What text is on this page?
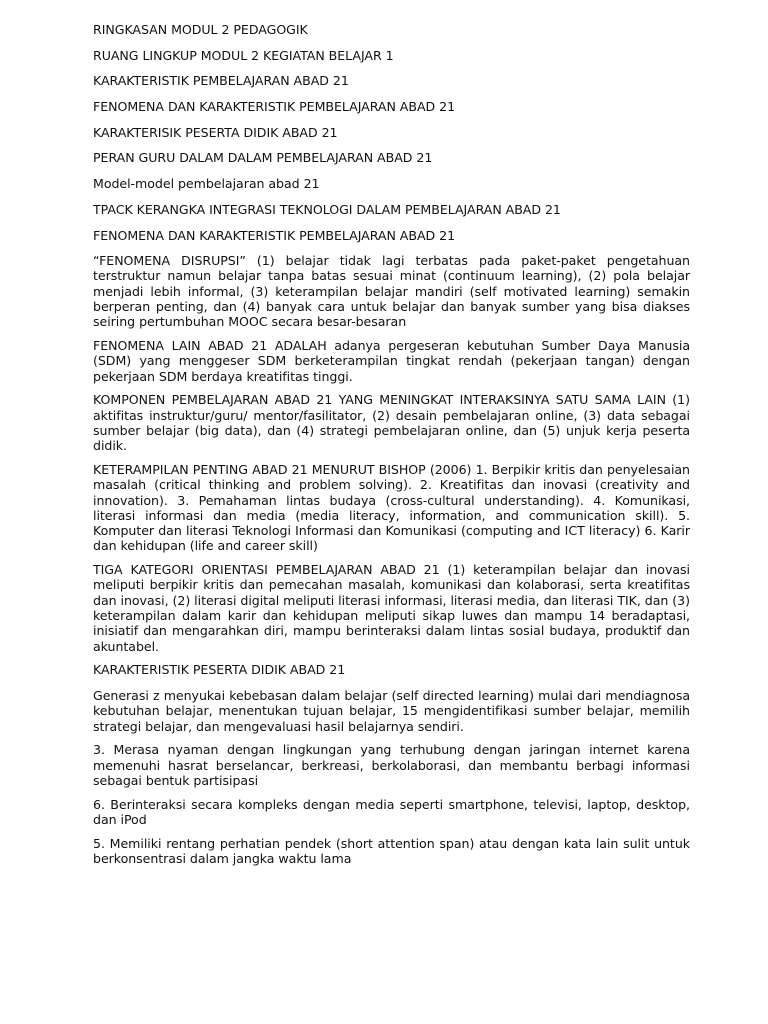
RINGKASAN MODUL 2 PEDAGOGIK

RUANG LINGKUP MODUL 2 KEGIATAN BELAJAR 1

KARAKTERISTIK PEMBELAJARAN ABAD 21

FENOMENA DAN KARAKTERISTIK PEMBELAJARAN ABAD 21

KARAKTERISIK PESERTA DIDIK ABAD 21

PERAN GURU DALAM DALAM PEMBELAJARAN ABAD 21

Model-model pembelajaran abad 21

TPACK KERANGKA INTEGRASI TEKNOLOGI DALAM PEMBELAJARAN ABAD 21

FENOMENA DAN KARAKTERISTIK PEMBELAJARAN ABAD 21

“FENOMENA DISRUPSI” (1) belajar tidak lagi terbatas pada paket-paket pengetahuan terstruktur namun belajar tanpa batas sesuai minat (continuum learning), (2) pola belajar menjadi lebih informal, (3) keterampilan belajar mandiri (self motivated learning) semakin berperan penting, dan (4) banyak cara untuk belajar dan banyak sumber yang bisa diakses seiring pertumbuhan MOOC secara besar-besaran

FENOMENA LAIN ABAD 21 ADALAH adanya pergeseran kebutuhan Sumber Daya Manusia (SDM) yang menggeser SDM berketerampilan tingkat rendah (pekerjaan tangan) dengan pekerjaan SDM berdaya kreatifitas tinggi.

KOMPONEN PEMBELAJARAN ABAD 21 YANG MENINGKAT INTERAKSINYA SATU SAMA LAIN (1) aktifitas instruktur/guru/ mentor/fasilitator, (2) desain pembelajaran online, (3) data sebagai sumber belajar (big data), dan (4) strategi pembelajaran online, dan (5) unjuk kerja peserta didik.

KETERAMPILAN PENTING ABAD 21 MENURUT BISHOP (2006) 1. Berpikir kritis dan penyelesaian masalah (critical thinking and problem solving). 2. Kreatifitas dan inovasi (creativity and innovation). 3. Pemahaman lintas budaya (cross-cultural understanding). 4. Komunikasi, literasi informasi dan media (media literacy, information, and communication skill). 5. Komputer dan literasi Teknologi Informasi dan Komunikasi (computing and ICT literacy) 6. Karir dan kehidupan (life and career skill)

TIGA KATEGORI ORIENTASI PEMBELAJARAN ABAD 21 (1) keterampilan belajar dan inovasi meliputi berpikir kritis dan pemecahan masalah, komunikasi dan kolaborasi, serta kreatifitas dan inovasi, (2) literasi digital meliputi literasi informasi, literasi media, dan literasi TIK, dan (3) keterampilan dalam karir dan kehidupan meliputi sikap luwes dan mampu 14 beradaptasi, inisiatif dan mengarahkan diri, mampu berinteraksi dalam lintas sosial budaya, produktif dan akuntabel.

KARAKTERISTIK PESERTA DIDIK ABAD 21

Generasi z menyukai kebebasan dalam belajar (self directed learning) mulai dari mendiagnosa kebutuhan belajar, menentukan tujuan belajar, 15 mengidentifikasi sumber belajar, memilih strategi belajar, dan mengevaluasi hasil belajarnya sendiri.

3. Merasa nyaman dengan lingkungan yang terhubung dengan jaringan internet karena memenuhi hasrat berselancar, berkreasi, berkolaborasi, dan membantu berbagi informasi sebagai bentuk partisipasi

6. Berinteraksi secara kompleks dengan media seperti smartphone, televisi, laptop, desktop, dan iPod

5. Memiliki rentang perhatian pendek (short attention span) atau dengan kata lain sulit untuk berkonsentrasi dalam jangka waktu lama
